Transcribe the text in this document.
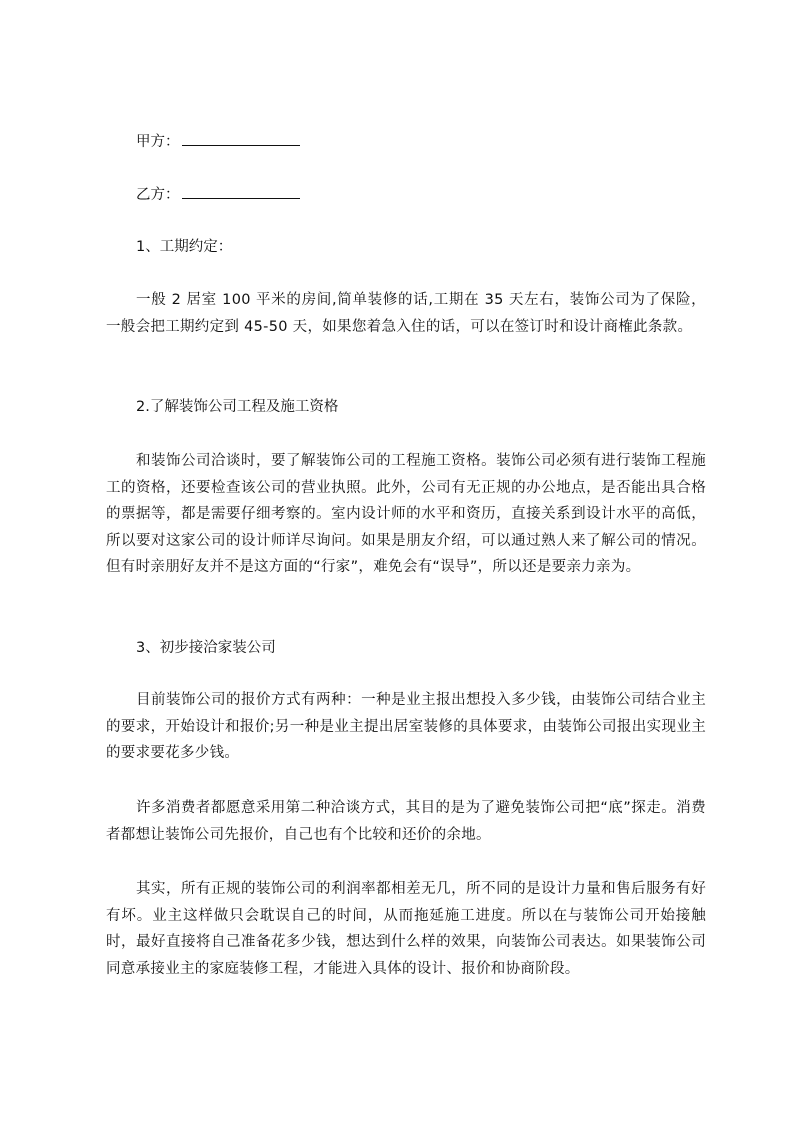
甲方：
乙方：
1、工期约定：
一般 2 居室 100 平米的房间,简单装修的话,工期在 35 天左右，装饰公司为了保险，一般会把工期约定到 45-50 天，如果您着急入住的话，可以在签订时和设计商榷此条款。
2.了解装饰公司工程及施工资格
和装饰公司洽谈时，要了解装饰公司的工程施工资格。装饰公司必须有进行装饰工程施工的资格，还要检查该公司的营业执照。此外，公司有无正规的办公地点，是否能出具合格的票据等，都是需要仔细考察的。室内设计师的水平和资历，直接关系到设计水平的高低，所以要对这家公司的设计师详尽询问。如果是朋友介绍，可以通过熟人来了解公司的情况。但有时亲朋好友并不是这方面的“行家”，难免会有“误导”，所以还是要亲力亲为。
3、初步接洽家装公司
目前装饰公司的报价方式有两种：一种是业主报出想投入多少钱，由装饰公司结合业主的要求，开始设计和报价;另一种是业主提出居室装修的具体要求，由装饰公司报出实现业主的要求要花多少钱。
许多消费者都愿意采用第二种洽谈方式，其目的是为了避免装饰公司把“底”探走。消费者都想让装饰公司先报价，自己也有个比较和还价的余地。
其实，所有正规的装饰公司的利润率都相差无几，所不同的是设计力量和售后服务有好有坏。业主这样做只会耽误自己的时间，从而拖延施工进度。所以在与装饰公司开始接触时，最好直接将自己准备花多少钱，想达到什么样的效果，向装饰公司表达。如果装饰公司同意承接业主的家庭装修工程，才能进入具体的设计、报价和协商阶段。
